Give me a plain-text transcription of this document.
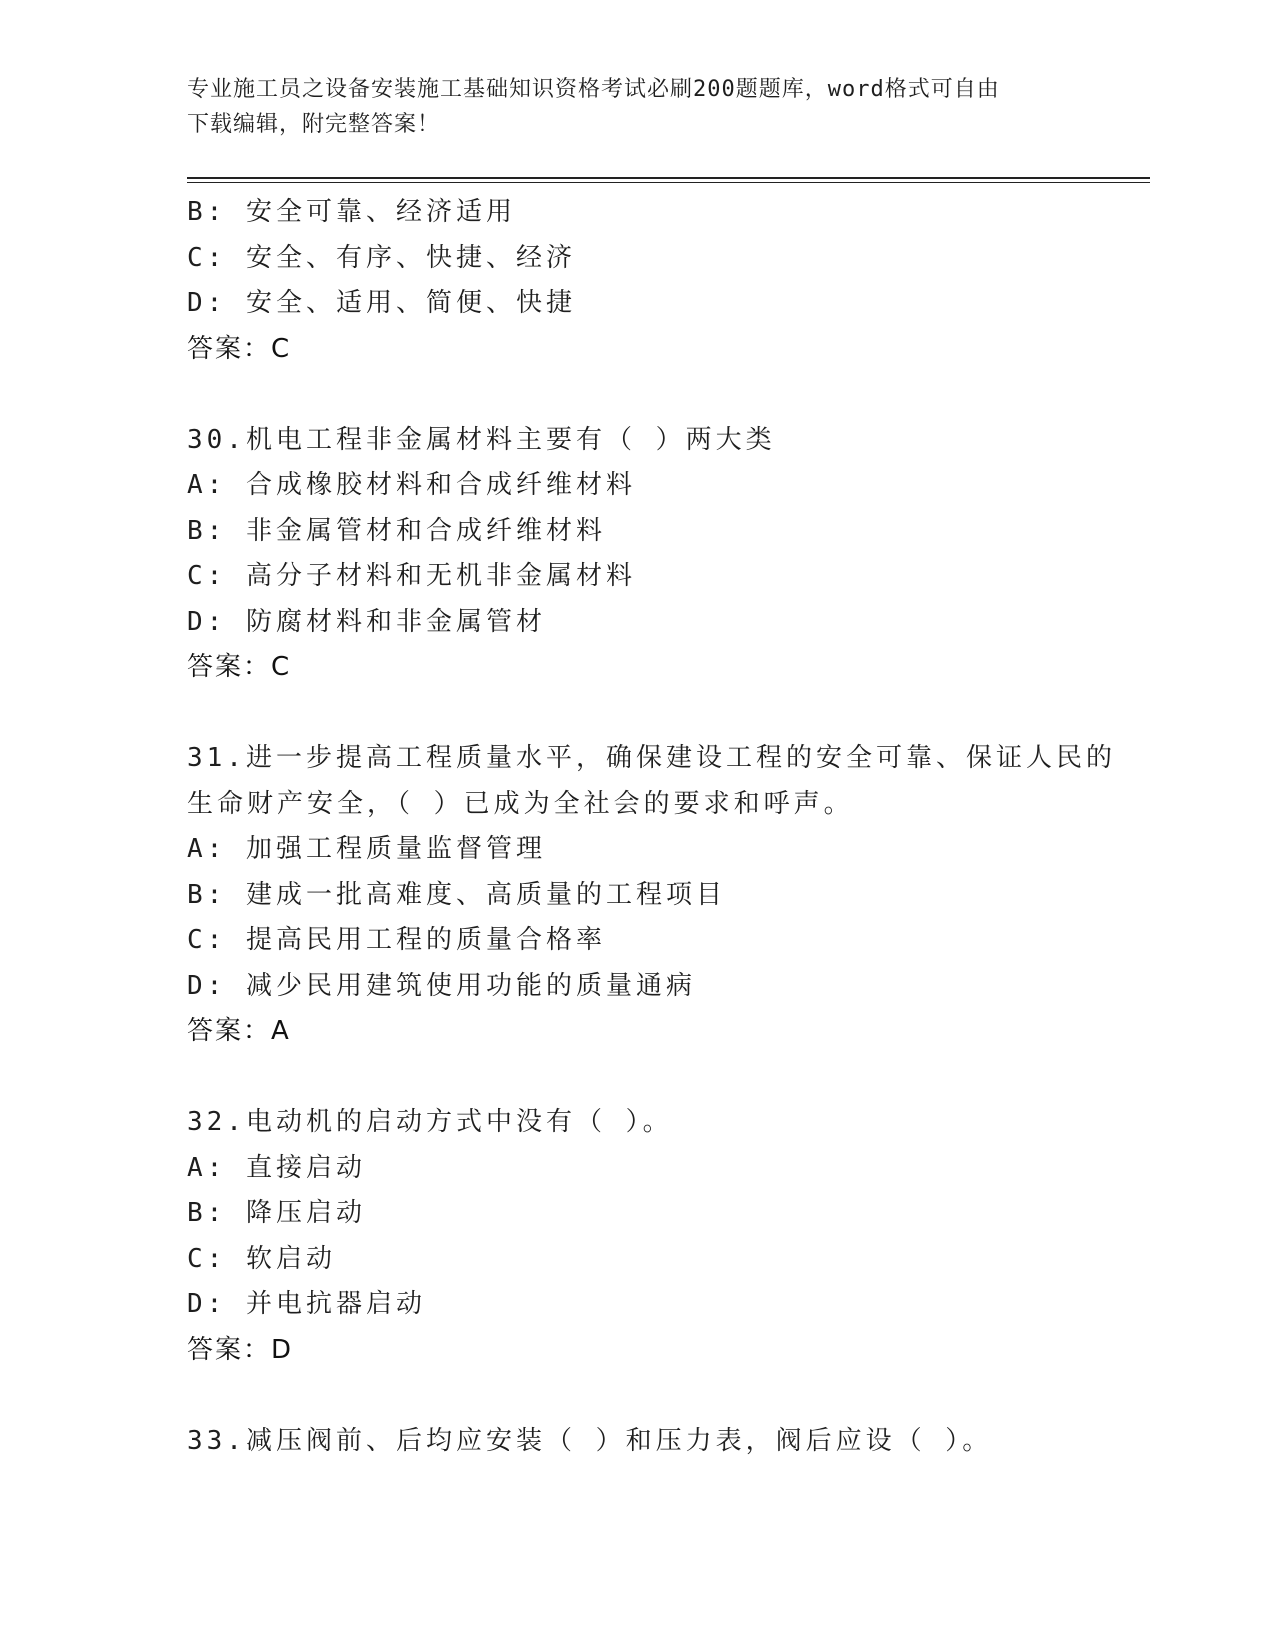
专业施工员之设备安装施工基础知识资格考试必刷200题题库，word格式可自由
下载编辑，附完整答案！
B: 安全可靠、经济适用
C: 安全、有序、快捷、经济
D: 安全、适用、简便、快捷
答案：C
30.机电工程非金属材料主要有（ ）两大类
A: 合成橡胶材料和合成纤维材料
B: 非金属管材和合成纤维材料
C: 高分子材料和无机非金属材料
D: 防腐材料和非金属管材
答案：C
31.进一步提高工程质量水平，确保建设工程的安全可靠、保证人民的
生命财产安全，（ ）已成为全社会的要求和呼声。
A: 加强工程质量监督管理
B: 建成一批高难度、高质量的工程项目
C: 提高民用工程的质量合格率
D: 减少民用建筑使用功能的质量通病
答案：A
32.电动机的启动方式中没有（ ）。
A: 直接启动
B: 降压启动
C: 软启动
D: 并电抗器启动
答案：D
33.减压阀前、后均应安装（ ）和压力表，阀后应设（ ）。
